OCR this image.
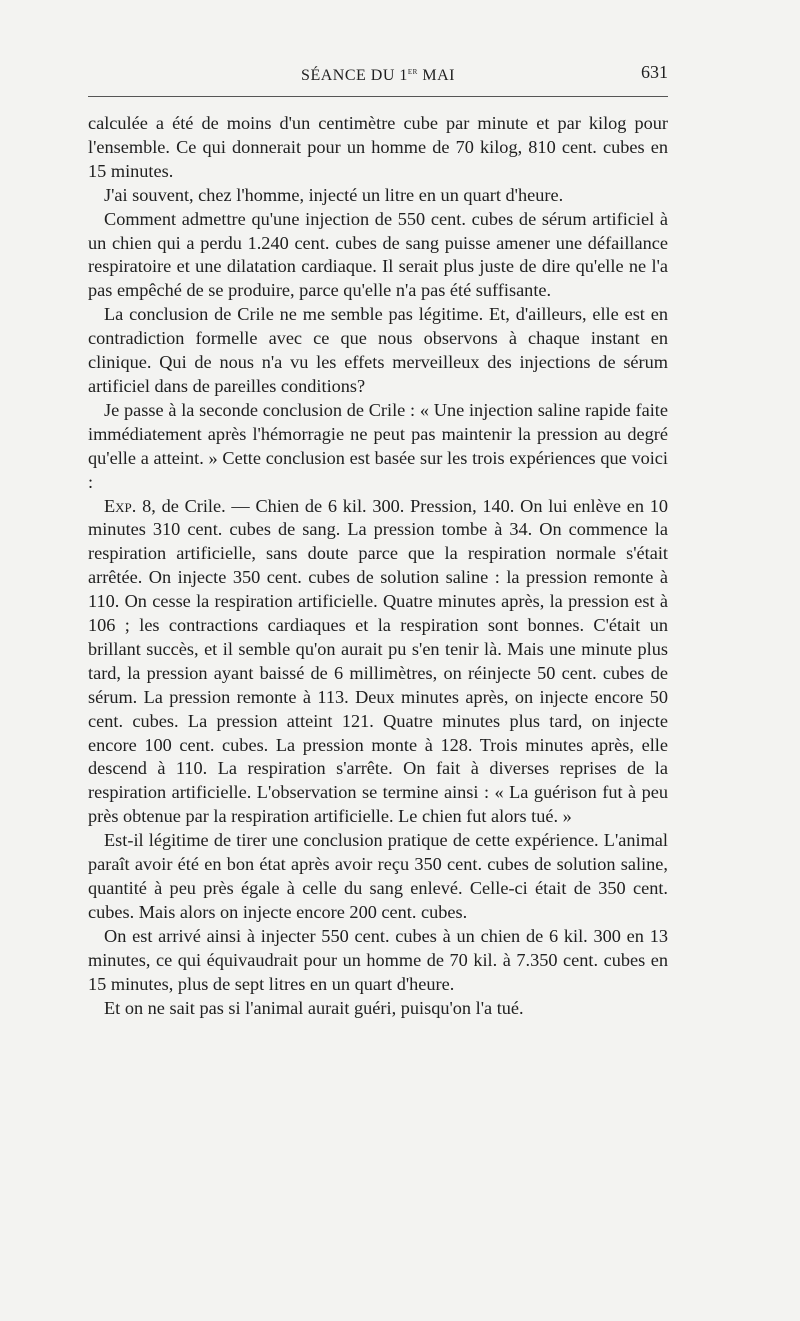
SÉANCE DU 1er MAI	631

calculée a été de moins d'un centimètre cube par minute et par kilog pour l'ensemble. Ce qui donnerait pour un homme de 70 kilog, 810 cent. cubes en 15 minutes.

J'ai souvent, chez l'homme, injecté un litre en un quart d'heure.

Comment admettre qu'une injection de 550 cent. cubes de sérum artificiel à un chien qui a perdu 1.240 cent. cubes de sang puisse amener une défaillance respiratoire et une dilatation cardiaque. Il serait plus juste de dire qu'elle ne l'a pas empêché de se produire, parce qu'elle n'a pas été suffisante.

La conclusion de Crile ne me semble pas légitime. Et, d'ailleurs, elle est en contradiction formelle avec ce que nous observons à chaque instant en clinique. Qui de nous n'a vu les effets merveilleux des injections de sérum artificiel dans de pareilles conditions?

Je passe à la seconde conclusion de Crile : « Une injection saline rapide faite immédiatement après l'hémorragie ne peut pas maintenir la pression au degré qu'elle a atteint. » Cette conclusion est basée sur les trois expériences que voici :

Exp. 8, de Crile. — Chien de 6 kil. 300. Pression, 140. On lui enlève en 10 minutes 310 cent. cubes de sang. La pression tombe à 34. On commence la respiration artificielle, sans doute parce que la respiration normale s'était arrêtée. On injecte 350 cent. cubes de solution saline : la pression remonte à 110. On cesse la respiration artificielle. Quatre minutes après, la pression est à 106 ; les contractions cardiaques et la respiration sont bonnes. C'était un brillant succès, et il semble qu'on aurait pu s'en tenir là. Mais une minute plus tard, la pression ayant baissé de 6 millimètres, on réinjecte 50 cent. cubes de sérum. La pression remonte à 113. Deux minutes après, on injecte encore 50 cent. cubes. La pression atteint 121. Quatre minutes plus tard, on injecte encore 100 cent. cubes. La pression monte à 128. Trois minutes après, elle descend à 110. La respiration s'arrête. On fait à diverses reprises de la respiration artificielle. L'observation se termine ainsi : « La guérison fut à peu près obtenue par la respiration artificielle. Le chien fut alors tué. »

Est-il légitime de tirer une conclusion pratique de cette expérience. L'animal paraît avoir été en bon état après avoir reçu 350 cent. cubes de solution saline, quantité à peu près égale à celle du sang enlevé. Celle-ci était de 350 cent. cubes. Mais alors on injecte encore 200 cent. cubes.

On est arrivé ainsi à injecter 550 cent. cubes à un chien de 6 kil. 300 en 13 minutes, ce qui équivaudrait pour un homme de 70 kil. à 7.350 cent. cubes en 15 minutes, plus de sept litres en un quart d'heure.

Et on ne sait pas si l'animal aurait guéri, puisqu'on l'a tué.
